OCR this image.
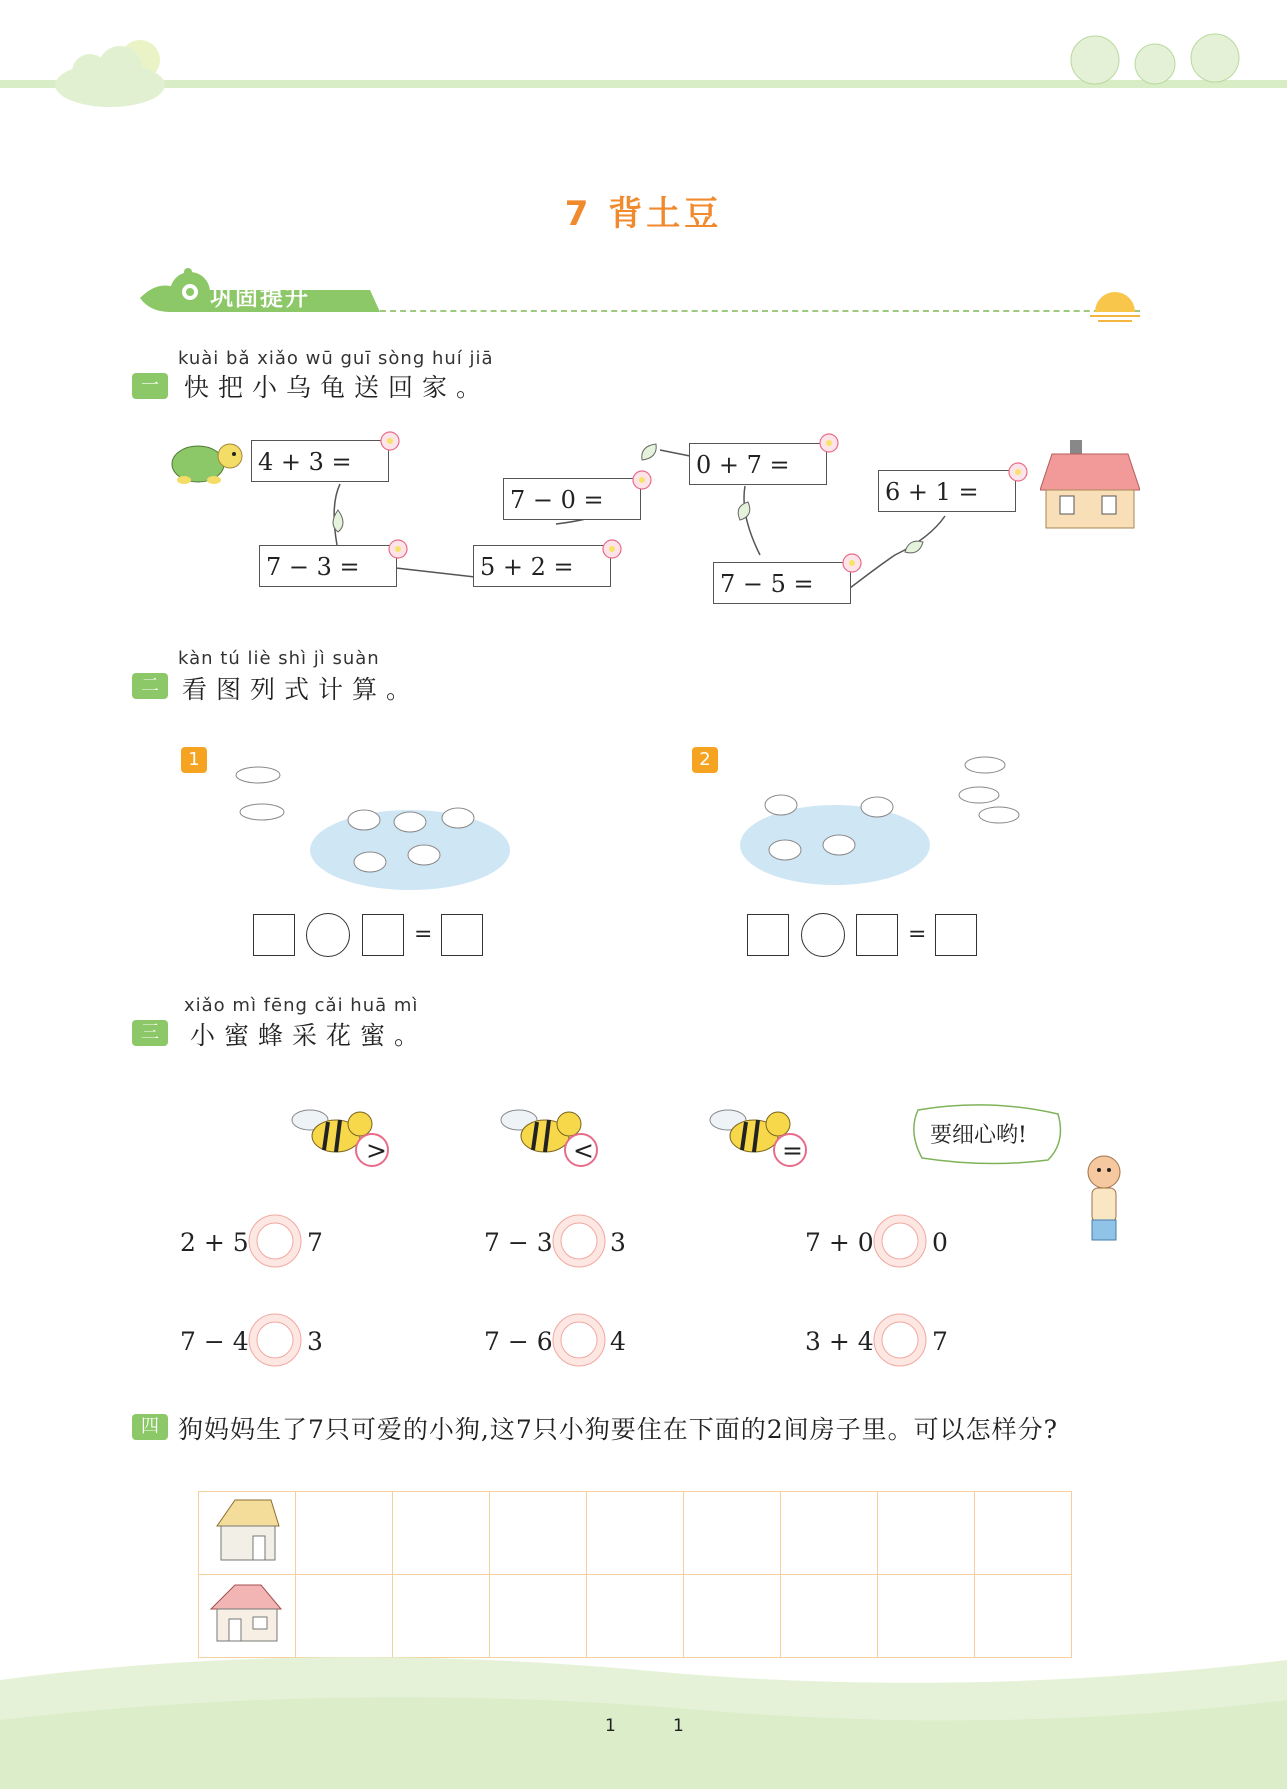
7 背土豆
巩固提升
kuài bǎ xiǎo wū guī sòng huí jiā
一	快把小乌龟送回家。
4 + 3 =
7 − 3 =	5 + 2 =
7 − 0 =
0 + 7 =
7 − 5 =
6 + 1 =
kàn tú liè shì jì suàn
二 看图列式计算。
1
=
2
=
xiǎo mì fēng cǎi huā mì
三	小蜜蜂采花蜜。
>	<	=
要细心哟!
2 + 5 7	7 − 3 3	7 + 0 0
7 − 4 3	7 − 6 4	3 + 4 7
四 狗妈妈生了7只可爱的小狗,这7只小狗要住在下面的2间房子里。可以怎样分?

1	1
